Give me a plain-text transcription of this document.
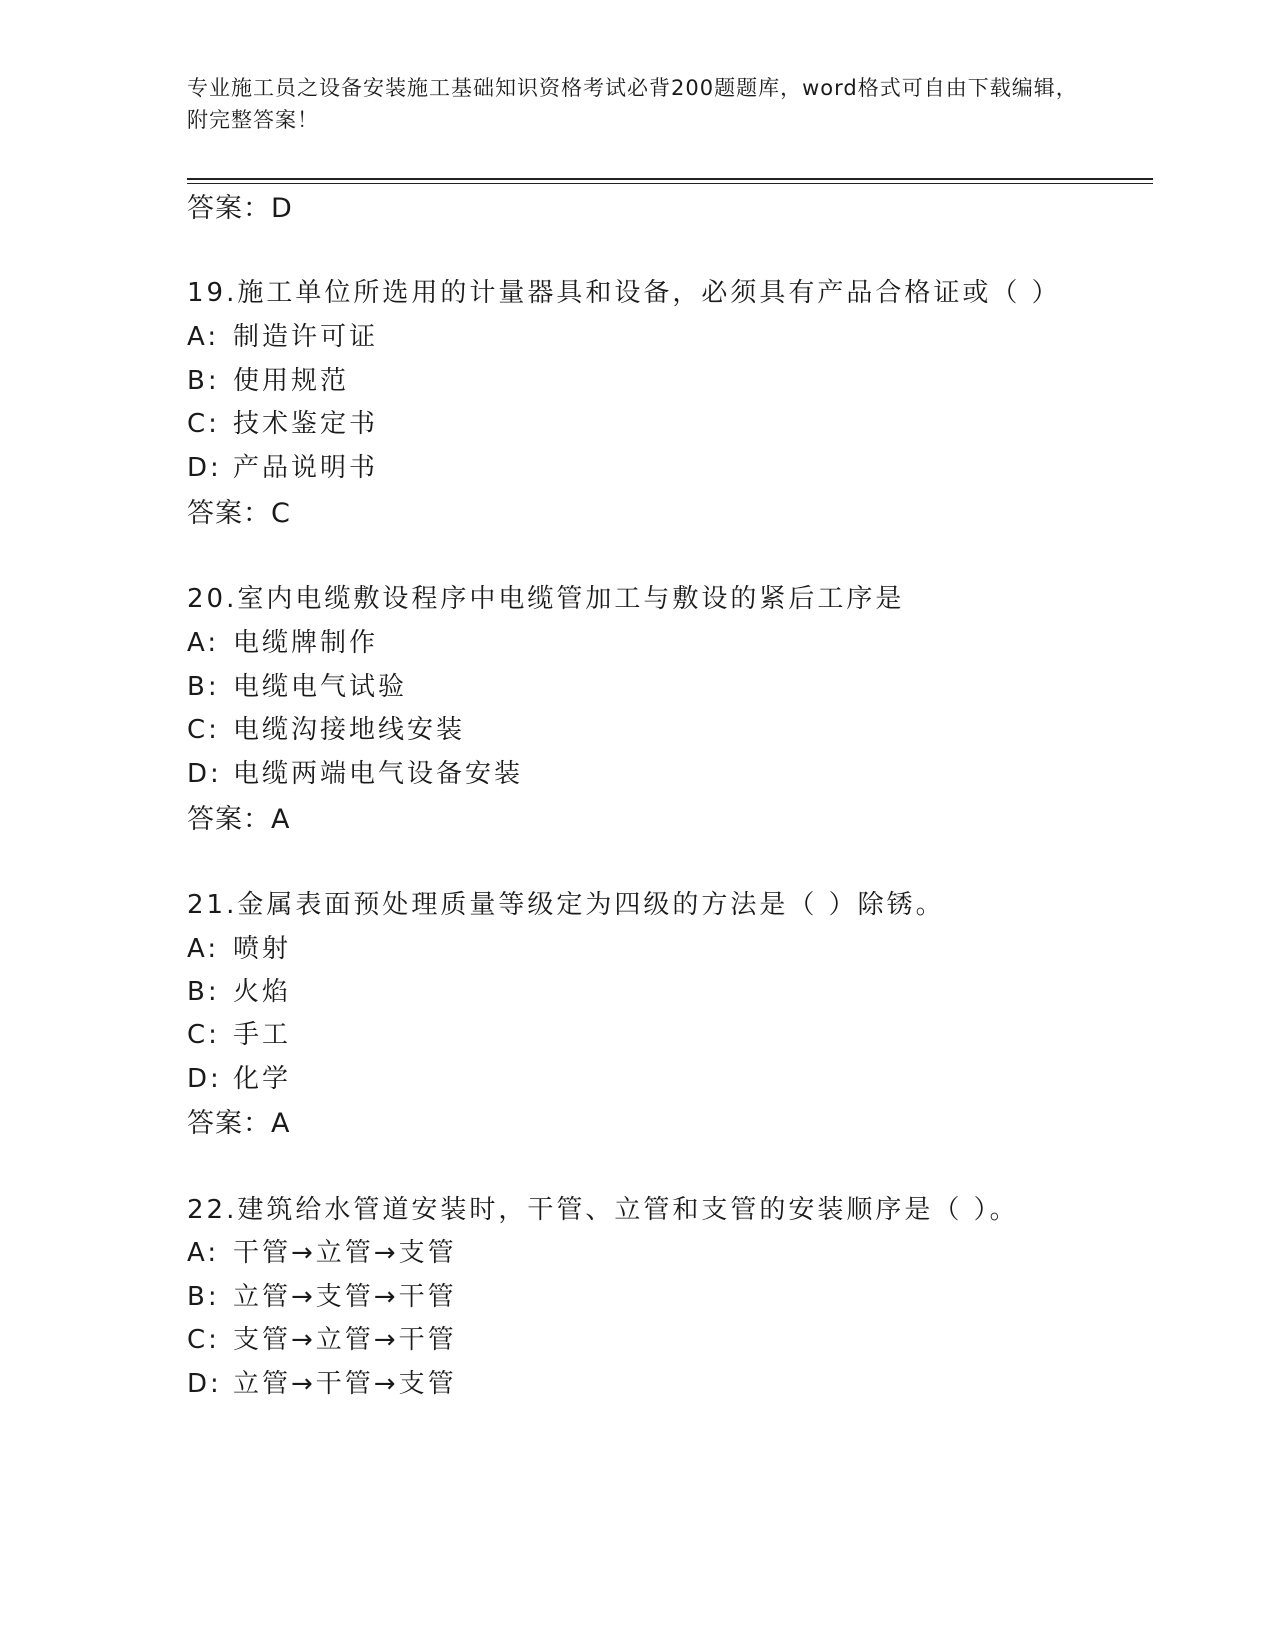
专业施工员之设备安装施工基础知识资格考试必背200题题库，word格式可自由下载编辑，附完整答案！
答案：D
19.施工单位所选用的计量器具和设备，必须具有产品合格证或（ ）
A: 制造许可证
B: 使用规范
C: 技术鉴定书
D: 产品说明书
答案：C
20.室内电缆敷设程序中电缆管加工与敷设的紧后工序是
A: 电缆牌制作
B: 电缆电气试验
C: 电缆沟接地线安装
D: 电缆两端电气设备安装
答案：A
21.金属表面预处理质量等级定为四级的方法是（ ）除锈。
A: 喷射
B: 火焰
C: 手工
D: 化学
答案：A
22.建筑给水管道安装时，干管、立管和支管的安装顺序是（ ）。
A: 干管→立管→支管
B: 立管→支管→干管
C: 支管→立管→干管
D: 立管→干管→支管
